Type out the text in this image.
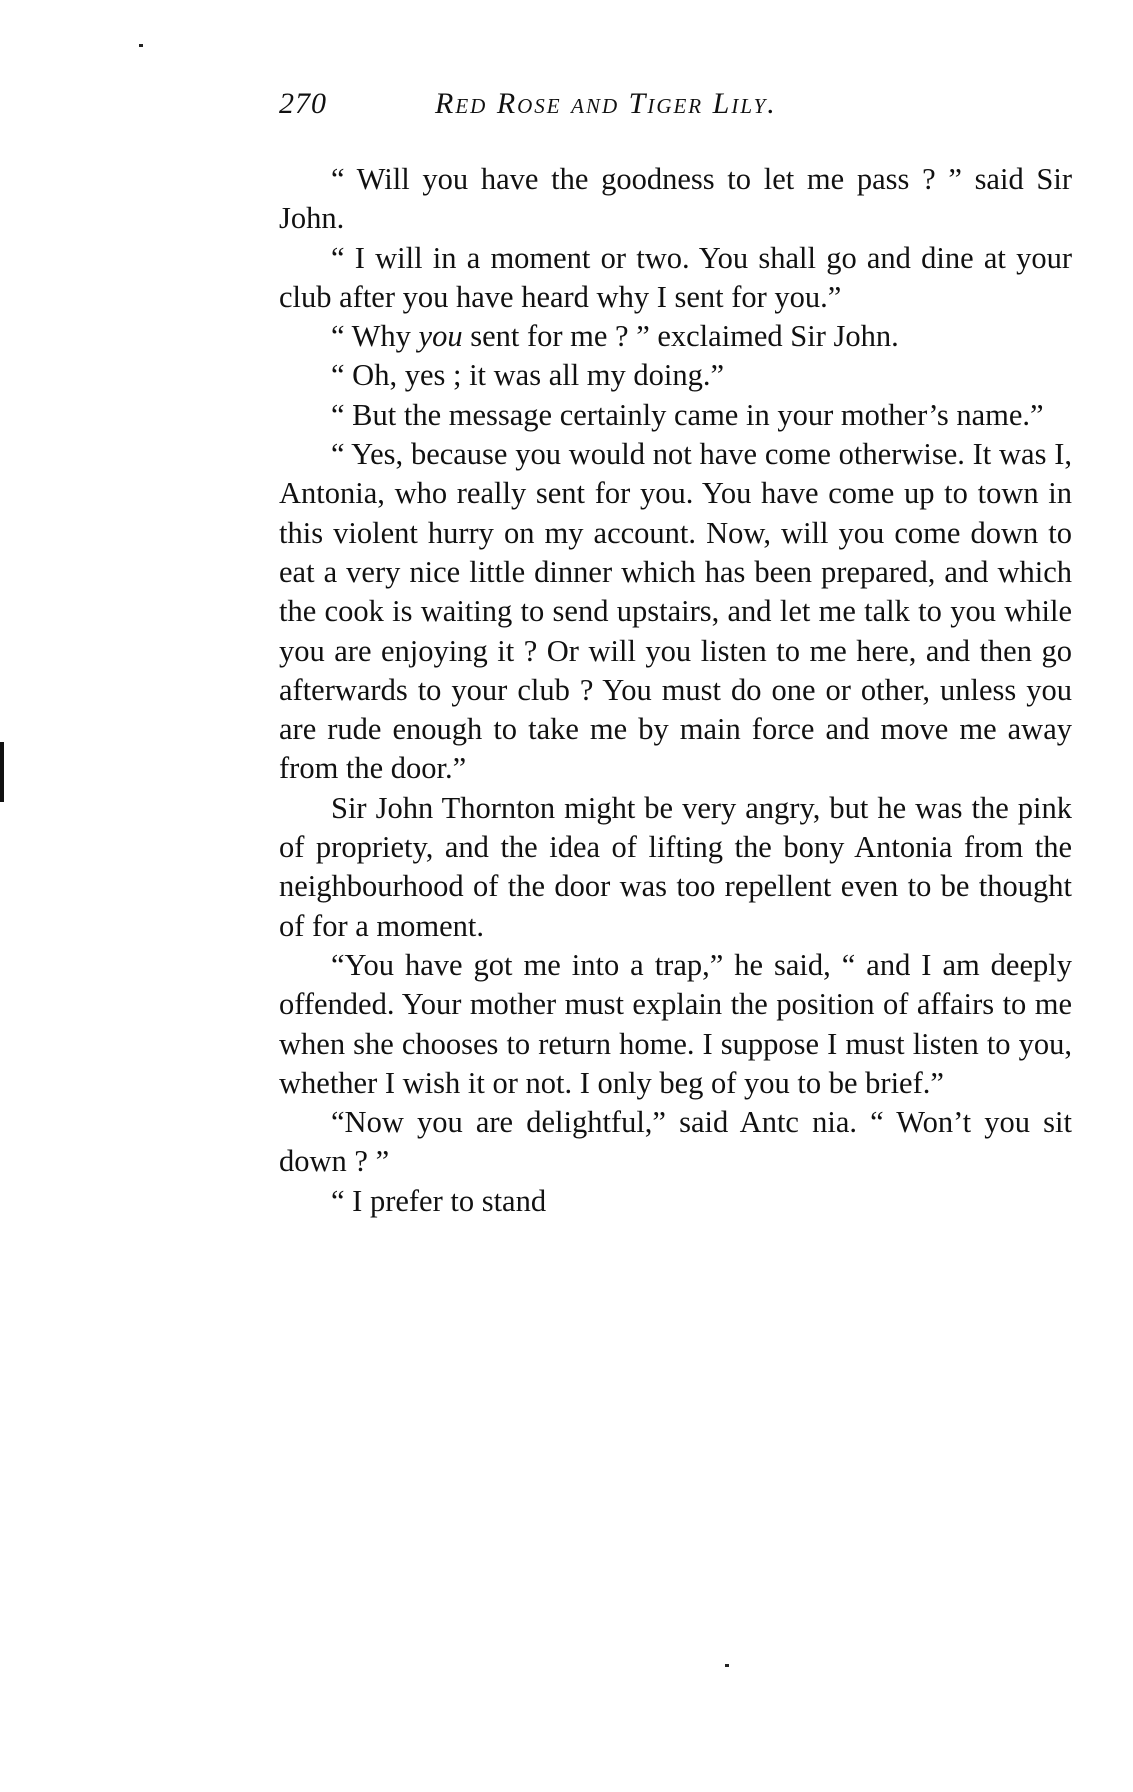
270	Red Rose and Tiger Lily.

“ Will you have the goodness to let me pass ? ” said Sir John.

“ I will in a moment or two. You shall go and dine at your club after you have heard why I sent for you.”

“ Why you sent for me ? ” exclaimed Sir John.

“ Oh, yes ; it was all my doing.”

“ But the message certainly came in your mother’s name.”

“ Yes, because you would not have come otherwise. It was I, Antonia, who really sent for you. You have come up to town in this violent hurry on my account. Now, will you come down to eat a very nice little dinner which has been prepared, and which the cook is waiting to send upstairs, and let me talk to you while you are enjoying it ? Or will you listen to me here, and then go afterwards to your club ? You must do one or other, unless you are rude enough to take me by main force and move me away from the door.”

Sir John Thornton might be very angry, but he was the pink of propriety, and the idea of lifting the bony Antonia from the neighbourhood of the door was too repellent even to be thought of for a moment.

“You have got me into a trap,” he said, “ and I am deeply offended. Your mother must explain the position of affairs to me when she chooses to return home. I suppose I must listen to you, whether I wish it or not. I only beg of you to be brief.”

“Now you are delightful,” said Antc nia. “ Won’t you sit down ? ”

“ I prefer to stand
